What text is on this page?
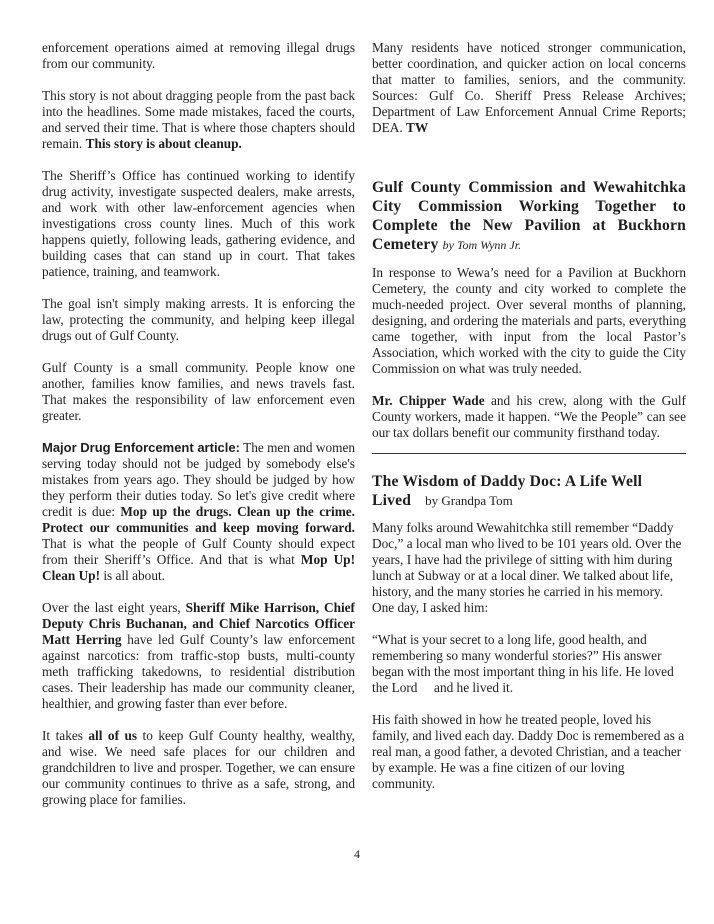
enforcement operations aimed at removing illegal drugs from our community.

This story is not about dragging people from the past back into the headlines. Some made mistakes, faced the courts, and served their time. That is where those chapters should remain. This story is about cleanup.

The Sheriff’s Office has continued working to identify drug activity, investigate suspected dealers, make arrests, and work with other law-enforcement agencies when investigations cross county lines. Much of this work happens quietly, following leads, gathering evidence, and building cases that can stand up in court. That takes patience, training, and teamwork.

The goal isn't simply making arrests. It is enforcing the law, protecting the community, and helping keep illegal drugs out of Gulf County.

Gulf County is a small community. People know one another, families know families, and news travels fast. That makes the responsibility of law enforcement even greater.

Major Drug Enforcement article: The men and women serving today should not be judged by somebody else's mistakes from years ago. They should be judged by how they perform their duties today. So let's give credit where credit is due: Mop up the drugs. Clean up the crime. Protect our communities and keep moving forward. That is what the people of Gulf County should expect from their Sheriff’s Office. And that is what Mop Up! Clean Up! is all about.

Over the last eight years, Sheriff Mike Harrison, Chief Deputy Chris Buchanan, and Chief Narcotics Officer Matt Herring have led Gulf County’s law enforcement against narcotics: from traffic-stop busts, multi-county meth trafficking takedowns, to residential distribution cases. Their leadership has made our community cleaner, healthier, and growing faster than ever before.

It takes all of us to keep Gulf County healthy, wealthy, and wise. We need safe places for our children and grandchildren to live and prosper. Together, we can ensure our community continues to thrive as a safe, strong, and growing place for families.

Many residents have noticed stronger communication, better coordination, and quicker action on local concerns that matter to families, seniors, and the community. Sources: Gulf Co. Sheriff Press Release Archives; Department of Law Enforcement Annual Crime Reports; DEA. TW

Gulf County Commission and Wewahitchka City Commission Working Together to Complete the New Pavilion at Buckhorn Cemetery by Tom Wynn Jr.

In response to Wewa’s need for a Pavilion at Buckhorn Cemetery, the county and city worked to complete the much-needed project. Over several months of planning, designing, and ordering the materials and parts, everything came together, with input from the local Pastor’s Association, which worked with the city to guide the City Commission on what was truly needed.

Mr. Chipper Wade and his crew, along with the Gulf County workers, made it happen. “We the People” can see our tax dollars benefit our community firsthand today.

The Wisdom of Daddy Doc: A Life Well Lived by Grandpa Tom

Many folks around Wewahitchka still remember “Daddy Doc,” a local man who lived to be 101 years old. Over the years, I have had the privilege of sitting with him during lunch at Subway or at a local diner. We talked about life, history, and the many stories he carried in his memory. One day, I asked him:

“What is your secret to a long life, good health, and remembering so many wonderful stories?” His answer began with the most important thing in his life. He loved the Lord     and he lived it.

His faith showed in how he treated people, loved his family, and lived each day. Daddy Doc is remembered as a real man, a good father, a devoted Christian, and a teacher by example. He was a fine citizen of our loving community.

4
